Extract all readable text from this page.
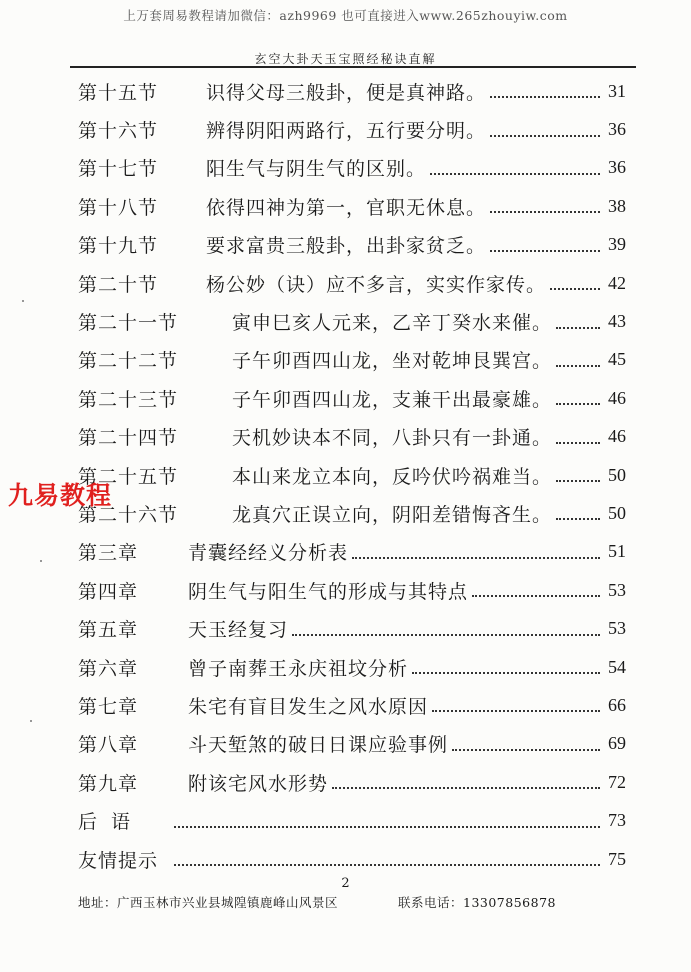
上万套周易教程请加微信：azh9969 也可直接进入www.265zhouyiw.com
玄空大卦天玉宝照经秘诀直解
第十五节	识得父母三般卦，便是真神路。	31
第十六节	辨得阴阳两路行，五行要分明。	36
第十七节	阳生气与阴生气的区别。	36
第十八节	依得四神为第一，官职无休息。	38
第十九节	要求富贵三般卦，出卦家贫乏。	39
第二十节	杨公妙（诀）应不多言，实实作家传。	42
第二十一节	寅申巳亥人元来，乙辛丁癸水来催。	43
第二十二节	子午卯酉四山龙，坐对乾坤艮巽宫。	45
第二十三节	子午卯酉四山龙，支兼干出最豪雄。	46
第二十四节	天机妙诀本不同，八卦只有一卦通。	46
第二十五节	本山来龙立本向，反吟伏吟祸难当。	50
第二十六节	龙真穴正误立向，阴阳差错悔吝生。	50
第三章	青囊经经义分析表	51
第四章	阴生气与阳生气的形成与其特点	53
第五章	天玉经复习	53
第六章	曾子南葬王永庆祖坟分析	54
第七章	朱宅有盲目发生之风水原因	66
第八章	斗天堑煞的破日日课应验事例	69
第九章	附该宅风水形势	72
后语	73
友情提示	75
九易教程
2
地址：广西玉林市兴业县城隍镇鹿峰山风景区	联系电话：13307856878
